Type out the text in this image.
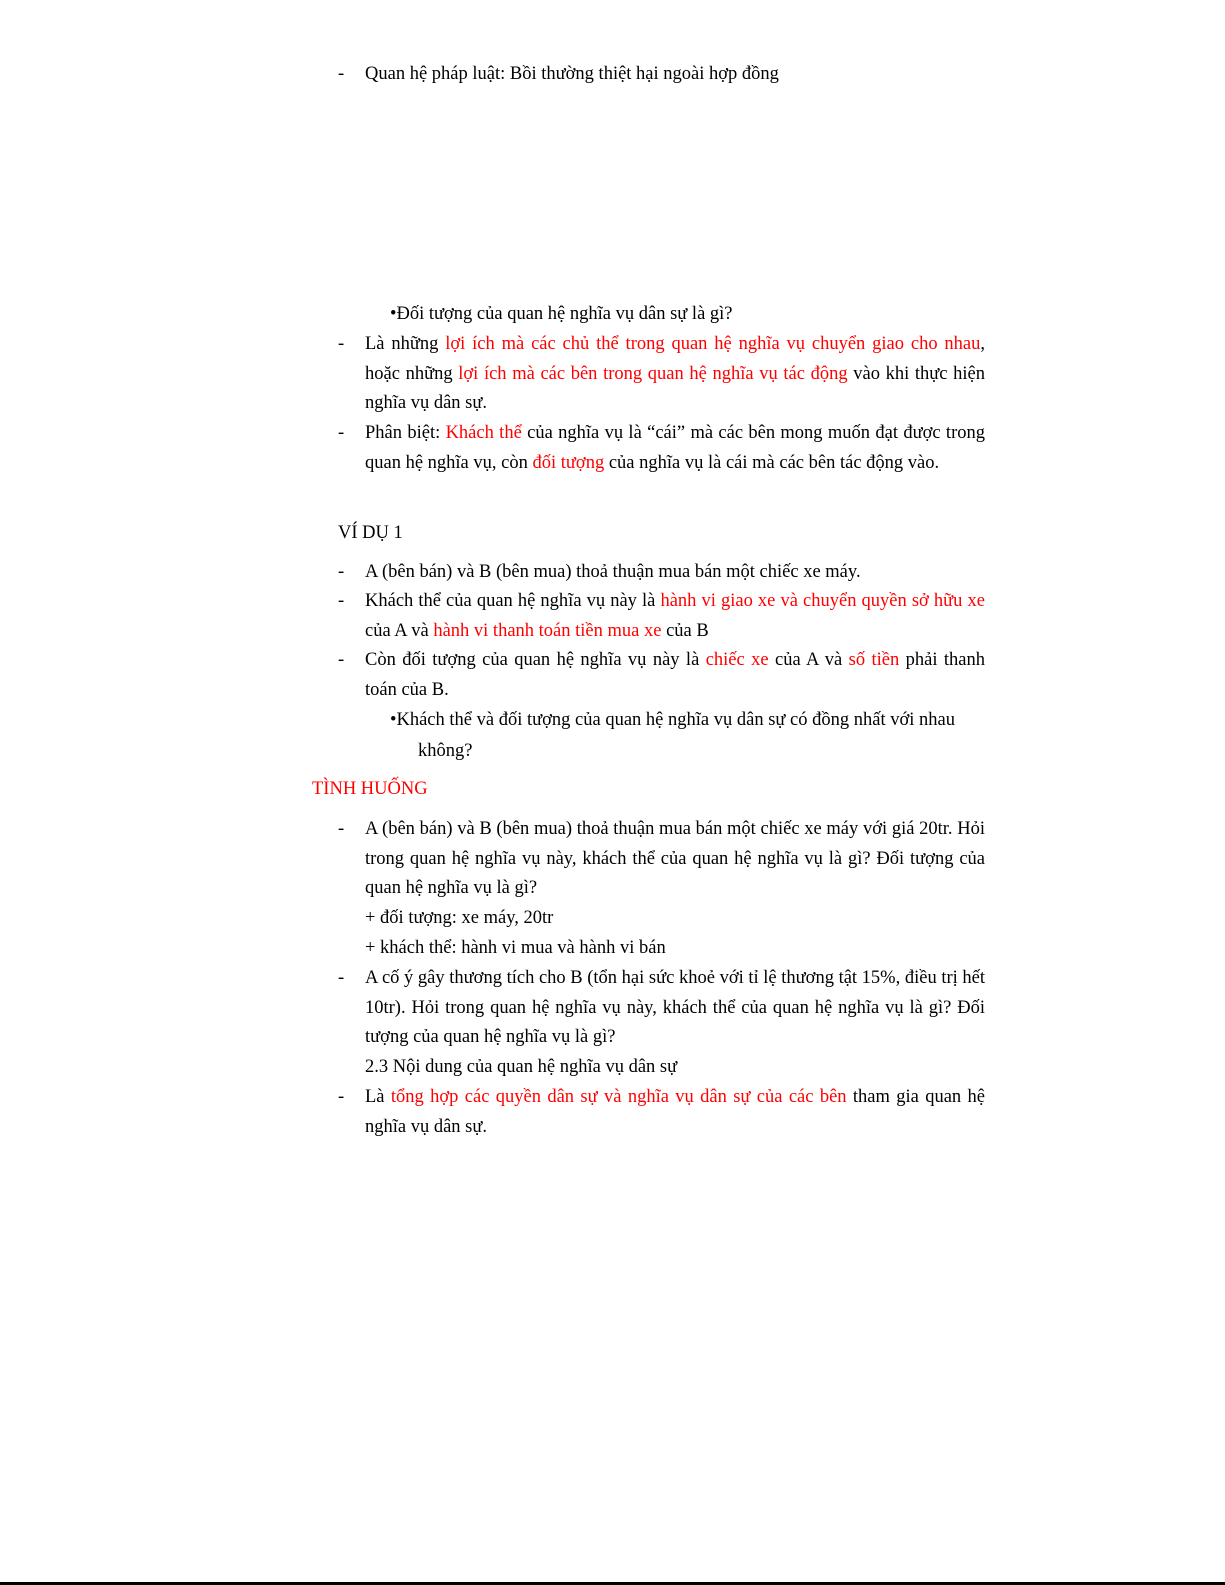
-	Quan hệ pháp luật: Bồi thường thiệt hại ngoài hợp đồng
•Đối tượng của quan hệ nghĩa vụ dân sự là gì?
-	Là những lợi ích mà các chủ thể trong quan hệ nghĩa vụ chuyển giao cho nhau, hoặc những lợi ích mà các bên trong quan hệ nghĩa vụ tác động vào khi thực hiện nghĩa vụ dân sự.
-	Phân biệt: Khách thể của nghĩa vụ là “cái” mà các bên mong muốn đạt được trong quan hệ nghĩa vụ, còn đối tượng của nghĩa vụ là cái mà các bên tác động vào.
VÍ DỤ 1
-	A (bên bán) và B (bên mua) thoả thuận mua bán một chiếc xe máy.
-	Khách thể của quan hệ nghĩa vụ này là hành vi giao xe và chuyển quyền sở hữu xe của A và hành vi thanh toán tiền mua xe của B
-	Còn đối tượng của quan hệ nghĩa vụ này là chiếc xe của A và số tiền phải thanh toán của B.
•Khách thể và đối tượng của quan hệ nghĩa vụ dân sự có đồng nhất với nhau không?
TÌNH HUỐNG
-	A (bên bán) và B (bên mua) thoả thuận mua bán một chiếc xe máy với giá 20tr. Hỏi trong quan hệ nghĩa vụ này, khách thể của quan hệ nghĩa vụ là gì? Đối tượng của quan hệ nghĩa vụ là gì?
+ đối tượng: xe máy, 20tr
+ khách thể: hành vi mua và hành vi bán
-	A cố ý gây thương tích cho B (tổn hại sức khoẻ với tỉ lệ thương tật 15%, điều trị hết 10tr). Hỏi trong quan hệ nghĩa vụ này, khách thể của quan hệ nghĩa vụ là gì? Đối tượng của quan hệ nghĩa vụ là gì?
2.3 Nội dung của quan hệ nghĩa vụ dân sự
-	Là tổng hợp các quyền dân sự và nghĩa vụ dân sự của các bên tham gia quan hệ nghĩa vụ dân sự.
